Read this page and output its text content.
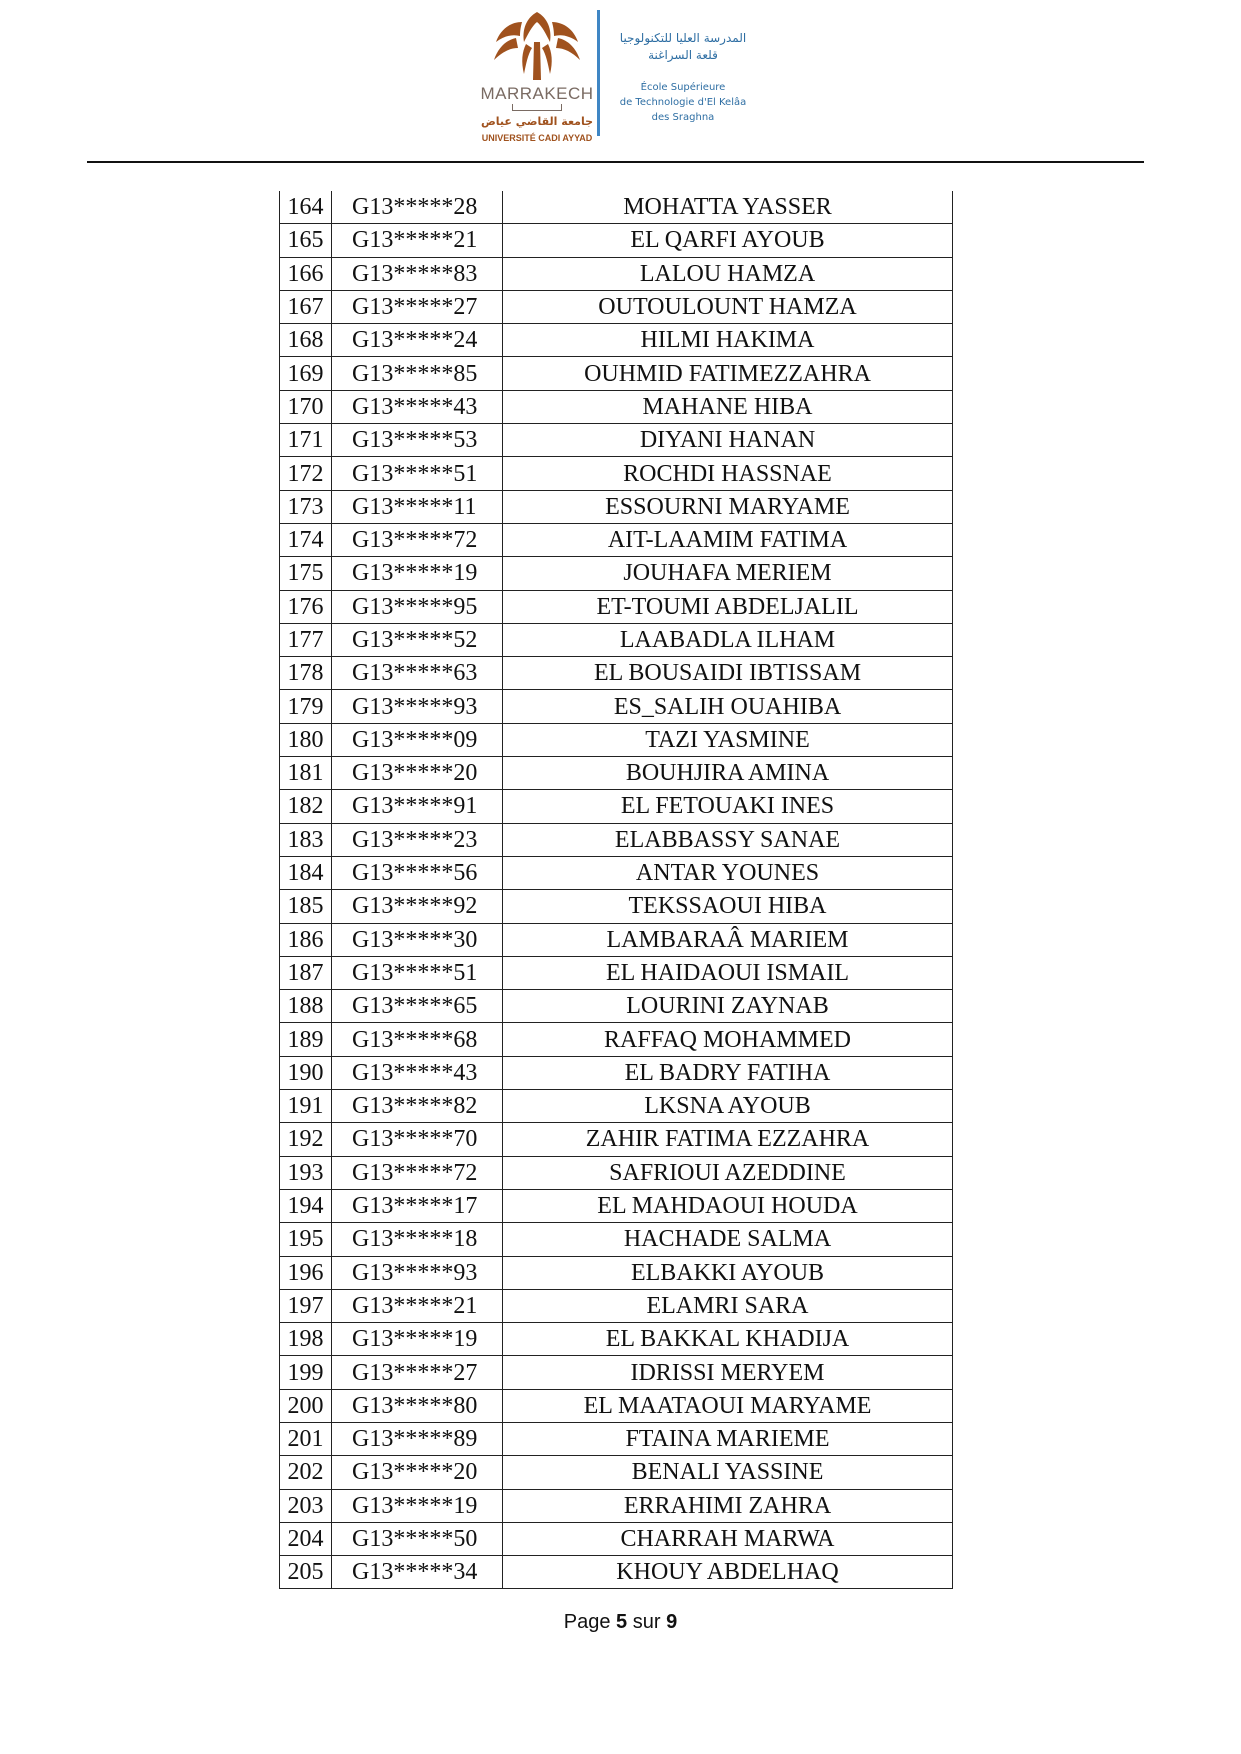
MARRAKECH
جامعة القاضي عياض
UNIVERSITÉ CADI AYYAD
المدرسة العليا للتكنولوجيا
قلعة السراغنة
École Supérieure
de Technologie d'El Kelâa
des Sraghna
164	G13*****28	MOHATTA YASSER
165	G13*****21	EL QARFI AYOUB
166	G13*****83	LALOU HAMZA
167	G13*****27	OUTOULOUNT HAMZA
168	G13*****24	HILMI HAKIMA
169	G13*****85	OUHMID FATIMEZZAHRA
170	G13*****43	MAHANE HIBA
171	G13*****53	DIYANI HANAN
172	G13*****51	ROCHDI HASSNAE
173	G13*****11	ESSOURNI MARYAME
174	G13*****72	AIT-LAAMIM FATIMA
175	G13*****19	JOUHAFA MERIEM
176	G13*****95	ET-TOUMI ABDELJALIL
177	G13*****52	LAABADLA ILHAM
178	G13*****63	EL BOUSAIDI IBTISSAM
179	G13*****93	ES_SALIH OUAHIBA
180	G13*****09	TAZI YASMINE
181	G13*****20	BOUHJIRA AMINA
182	G13*****91	EL FETOUAKI INES
183	G13*****23	ELABBASSY SANAE
184	G13*****56	ANTAR YOUNES
185	G13*****92	TEKSSAOUI HIBA
186	G13*****30	LAMBARAÂ MARIEM
187	G13*****51	EL HAIDAOUI ISMAIL
188	G13*****65	LOURINI ZAYNAB
189	G13*****68	RAFFAQ MOHAMMED
190	G13*****43	EL BADRY FATIHA
191	G13*****82	LKSNA AYOUB
192	G13*****70	ZAHIR FATIMA EZZAHRA
193	G13*****72	SAFRIOUI AZEDDINE
194	G13*****17	EL MAHDAOUI HOUDA
195	G13*****18	HACHADE SALMA
196	G13*****93	ELBAKKI AYOUB
197	G13*****21	ELAMRI SARA
198	G13*****19	EL BAKKAL KHADIJA
199	G13*****27	IDRISSI MERYEM
200	G13*****80	EL MAATAOUI MARYAME
201	G13*****89	FTAINA MARIEME
202	G13*****20	BENALI YASSINE
203	G13*****19	ERRAHIMI ZAHRA
204	G13*****50	CHARRAH MARWA
205	G13*****34	KHOUY ABDELHAQ
Page 5 sur 9
